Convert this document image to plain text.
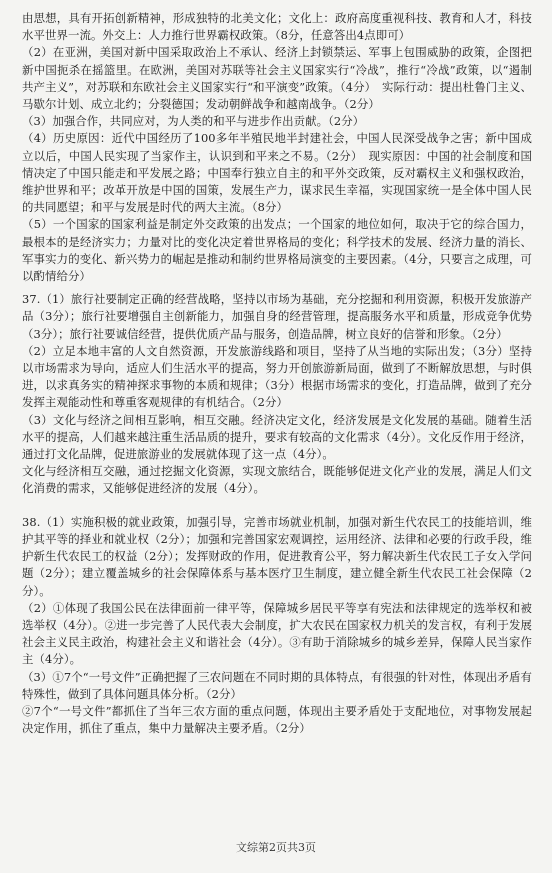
由思想，具有开拓创新精神，形成独特的北美文化；文化上：政府高度重视科技、教育和人才，科技水平世界一流。外交上：人力推行世界霸权政策。（8分，任意答出4点即可）

（2）在亚洲，美国对新中国采取政治上不承认、经济上封锁禁运、军事上包围威胁的政策，企图把新中国扼杀在摇篮里。在欧洲，美国对苏联等社会主义国家实行“冷战”，推行“冷战”政策，以“遏制共产主义”，对苏联和东欧社会主义国家实行“和平演变”政策。（4分）　实际行动：提出杜鲁门主义、马歇尔计划、成立北约；分裂德国；发动朝鲜战争和越南战争。（2分）

（3）加强合作，共同应对，为人类的和平与进步作出贡献。（2分）

（4）历史原因：近代中国经历了100多年半殖民地半封建社会，中国人民深受战争之害；新中国成立以后，中国人民实现了当家作主，认识到和平来之不易。（2分）　现实原因：中国的社会制度和国情决定了中国只能走和平发展之路；中国奉行独立自主的和平外交政策，反对霸权主义和强权政治，维护世界和平；改革开放是中国的国策，发展生产力，谋求民生幸福，实现国家统一是全体中国人民的共同愿望；和平与发展是时代的两大主流。（8分）

（5）一个国家的国家利益是制定外交政策的出发点；一个国家的地位如何，取决于它的综合国力，最根本的是经济实力；力量对比的变化决定着世界格局的变化；科学技术的发展、经济力量的消长、军事实力的变化、新兴势力的崛起是推动和制约世界格局演变的主要因素。（4分，只要言之成理，可以酌情给分）

37.（1）旅行社要制定正确的经营战略，坚持以市场为基础，充分挖掘和利用资源，积极开发旅游产品（3分）；旅行社要增强自主创新能力，加强自身的经营管理，提高服务水平和质量，形成竞争优势（3分）；旅行社要诚信经营，提供优质产品与服务，创造品牌，树立良好的信誉和形象。（2分）

（2）立足本地丰富的人文自然资源，开发旅游线路和项目，坚持了从当地的实际出发；（3分）坚持以市场需求为导向，适应人们生活水平的提高，努力开创旅游新局面，做到了不断解放思想，与时俱进，以求真务实的精神探求事物的本质和规律；（3分）根据市场需求的变化，打造品牌，做到了充分发挥主观能动性和尊重客观规律的有机结合。（2分）

（3）文化与经济之间相互影响，相互交融。经济决定文化，经济发展是文化发展的基础。随着生活水平的提高，人们越来越注重生活品质的提升，要求有较高的文化需求（4分）。文化反作用于经济，通过打文化品牌，促进旅游业的发展就体现了这一点（4分）。

文化与经济相互交融，通过挖掘文化资源，实现文旅结合，既能够促进文化产业的发展，满足人们文化消费的需求，又能够促进经济的发展（4分）。

38.（1）实施积极的就业政策，加强引导，完善市场就业机制，加强对新生代农民工的技能培训，维护其平等的择业和就业权（2分）；加强和完善国家宏观调控，运用经济、法律和必要的行政手段，维护新生代农民工的权益（2分）；发挥财政的作用，促进教育公平，努力解决新生代农民工子女入学问题（2分）；建立覆盖城乡的社会保障体系与基本医疗卫生制度，建立健全新生代农民工社会保障（2分）。

（2）①体现了我国公民在法律面前一律平等，保障城乡居民平等享有宪法和法律规定的选举权和被选举权（4分）。②进一步完善了人民代表大会制度，扩大农民在国家权力机关的发言权，有利于发展社会主义民主政治，构建社会主义和谐社会（4分）。③有助于消除城乡的城乡差异，保障人民当家作主（4分）。

（3）①7个“一号文件”正确把握了三农问题在不同时期的具体特点，有很强的针对性，体现出矛盾有特殊性，做到了具体问题具体分析。（2分）

②7个“一号文件”都抓住了当年三农方面的重点问题，体现出主要矛盾处于支配地位，对事物发展起决定作用，抓住了重点，集中力量解决主要矛盾。（2分）

文综第2页共3页
